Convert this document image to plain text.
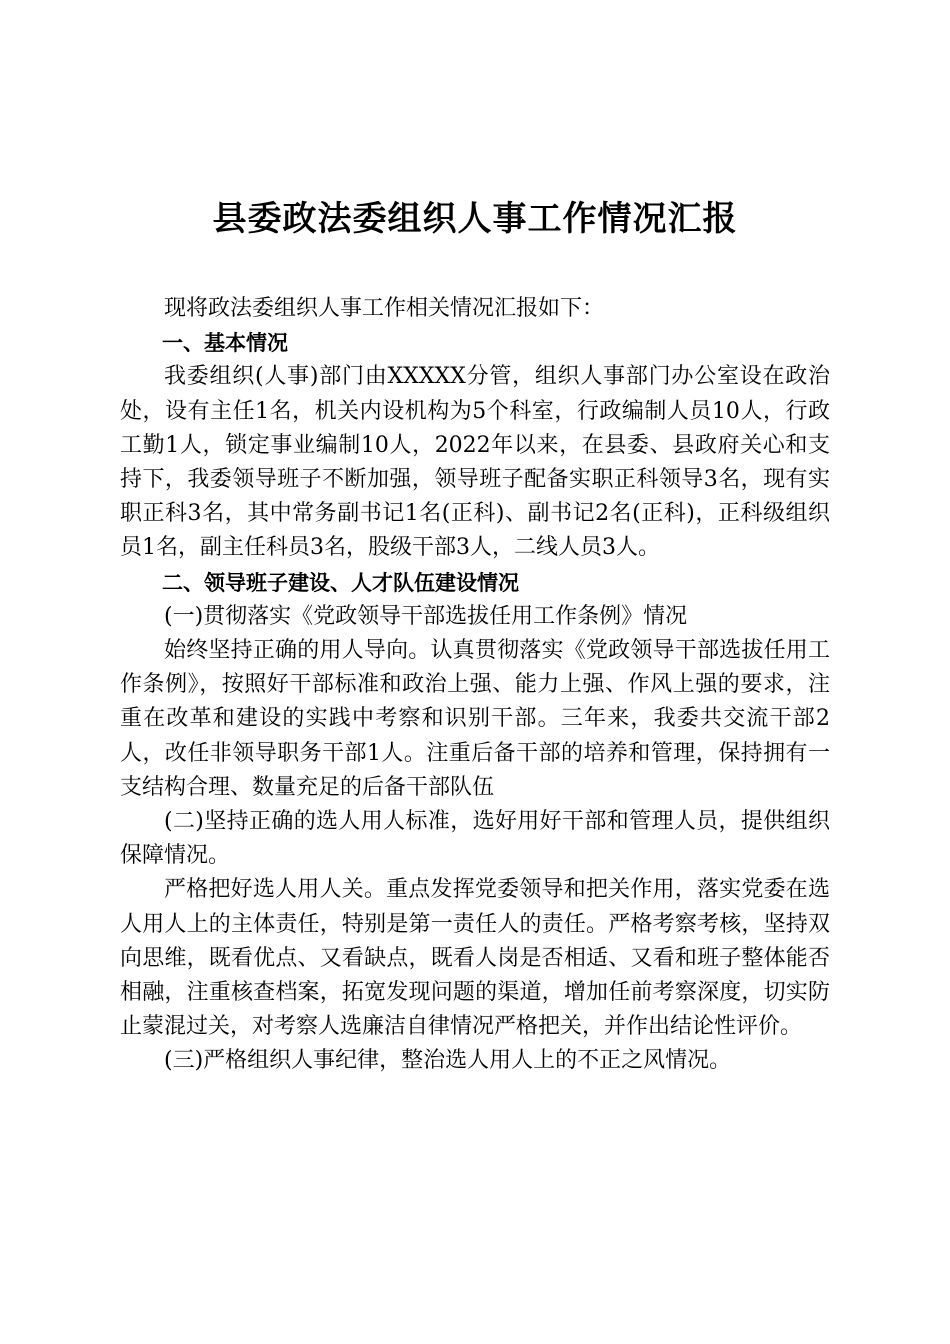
县委政法委组织人事工作情况汇报

现将政法委组织人事工作相关情况汇报如下：

一、基本情况

我委组织(人事)部门由XXXXX分管，组织人事部门办公室设在政治处，设有主任1名，机关内设机构为5个科室，行政编制人员10人，行政工勤1人，锁定事业编制10人，2022年以来，在县委、县政府关心和支持下，我委领导班子不断加强，领导班子配备实职正科领导3名，现有实职正科3名，其中常务副书记1名(正科)、副书记2名(正科)，正科级组织员1名，副主任科员3名，股级干部3人，二线人员3人。

二、领导班子建设、人才队伍建设情况

(一)贯彻落实《党政领导干部选拔任用工作条例》情况

始终坚持正确的用人导向。认真贯彻落实《党政领导干部选拔任用工作条例》，按照好干部标准和政治上强、能力上强、作风上强的要求，注重在改革和建设的实践中考察和识别干部。三年来，我委共交流干部2人，改任非领导职务干部1人。注重后备干部的培养和管理，保持拥有一支结构合理、数量充足的后备干部队伍

(二)坚持正确的选人用人标准，选好用好干部和管理人员，提供组织保障情况。

严格把好选人用人关。重点发挥党委领导和把关作用，落实党委在选人用人上的主体责任，特别是第一责任人的责任。严格考察考核，坚持双向思维，既看优点、又看缺点，既看人岗是否相适、又看和班子整体能否相融，注重核查档案，拓宽发现问题的渠道，增加任前考察深度，切实防止蒙混过关，对考察人选廉洁自律情况严格把关，并作出结论性评价。

(三)严格组织人事纪律，整治选人用人上的不正之风情况。
